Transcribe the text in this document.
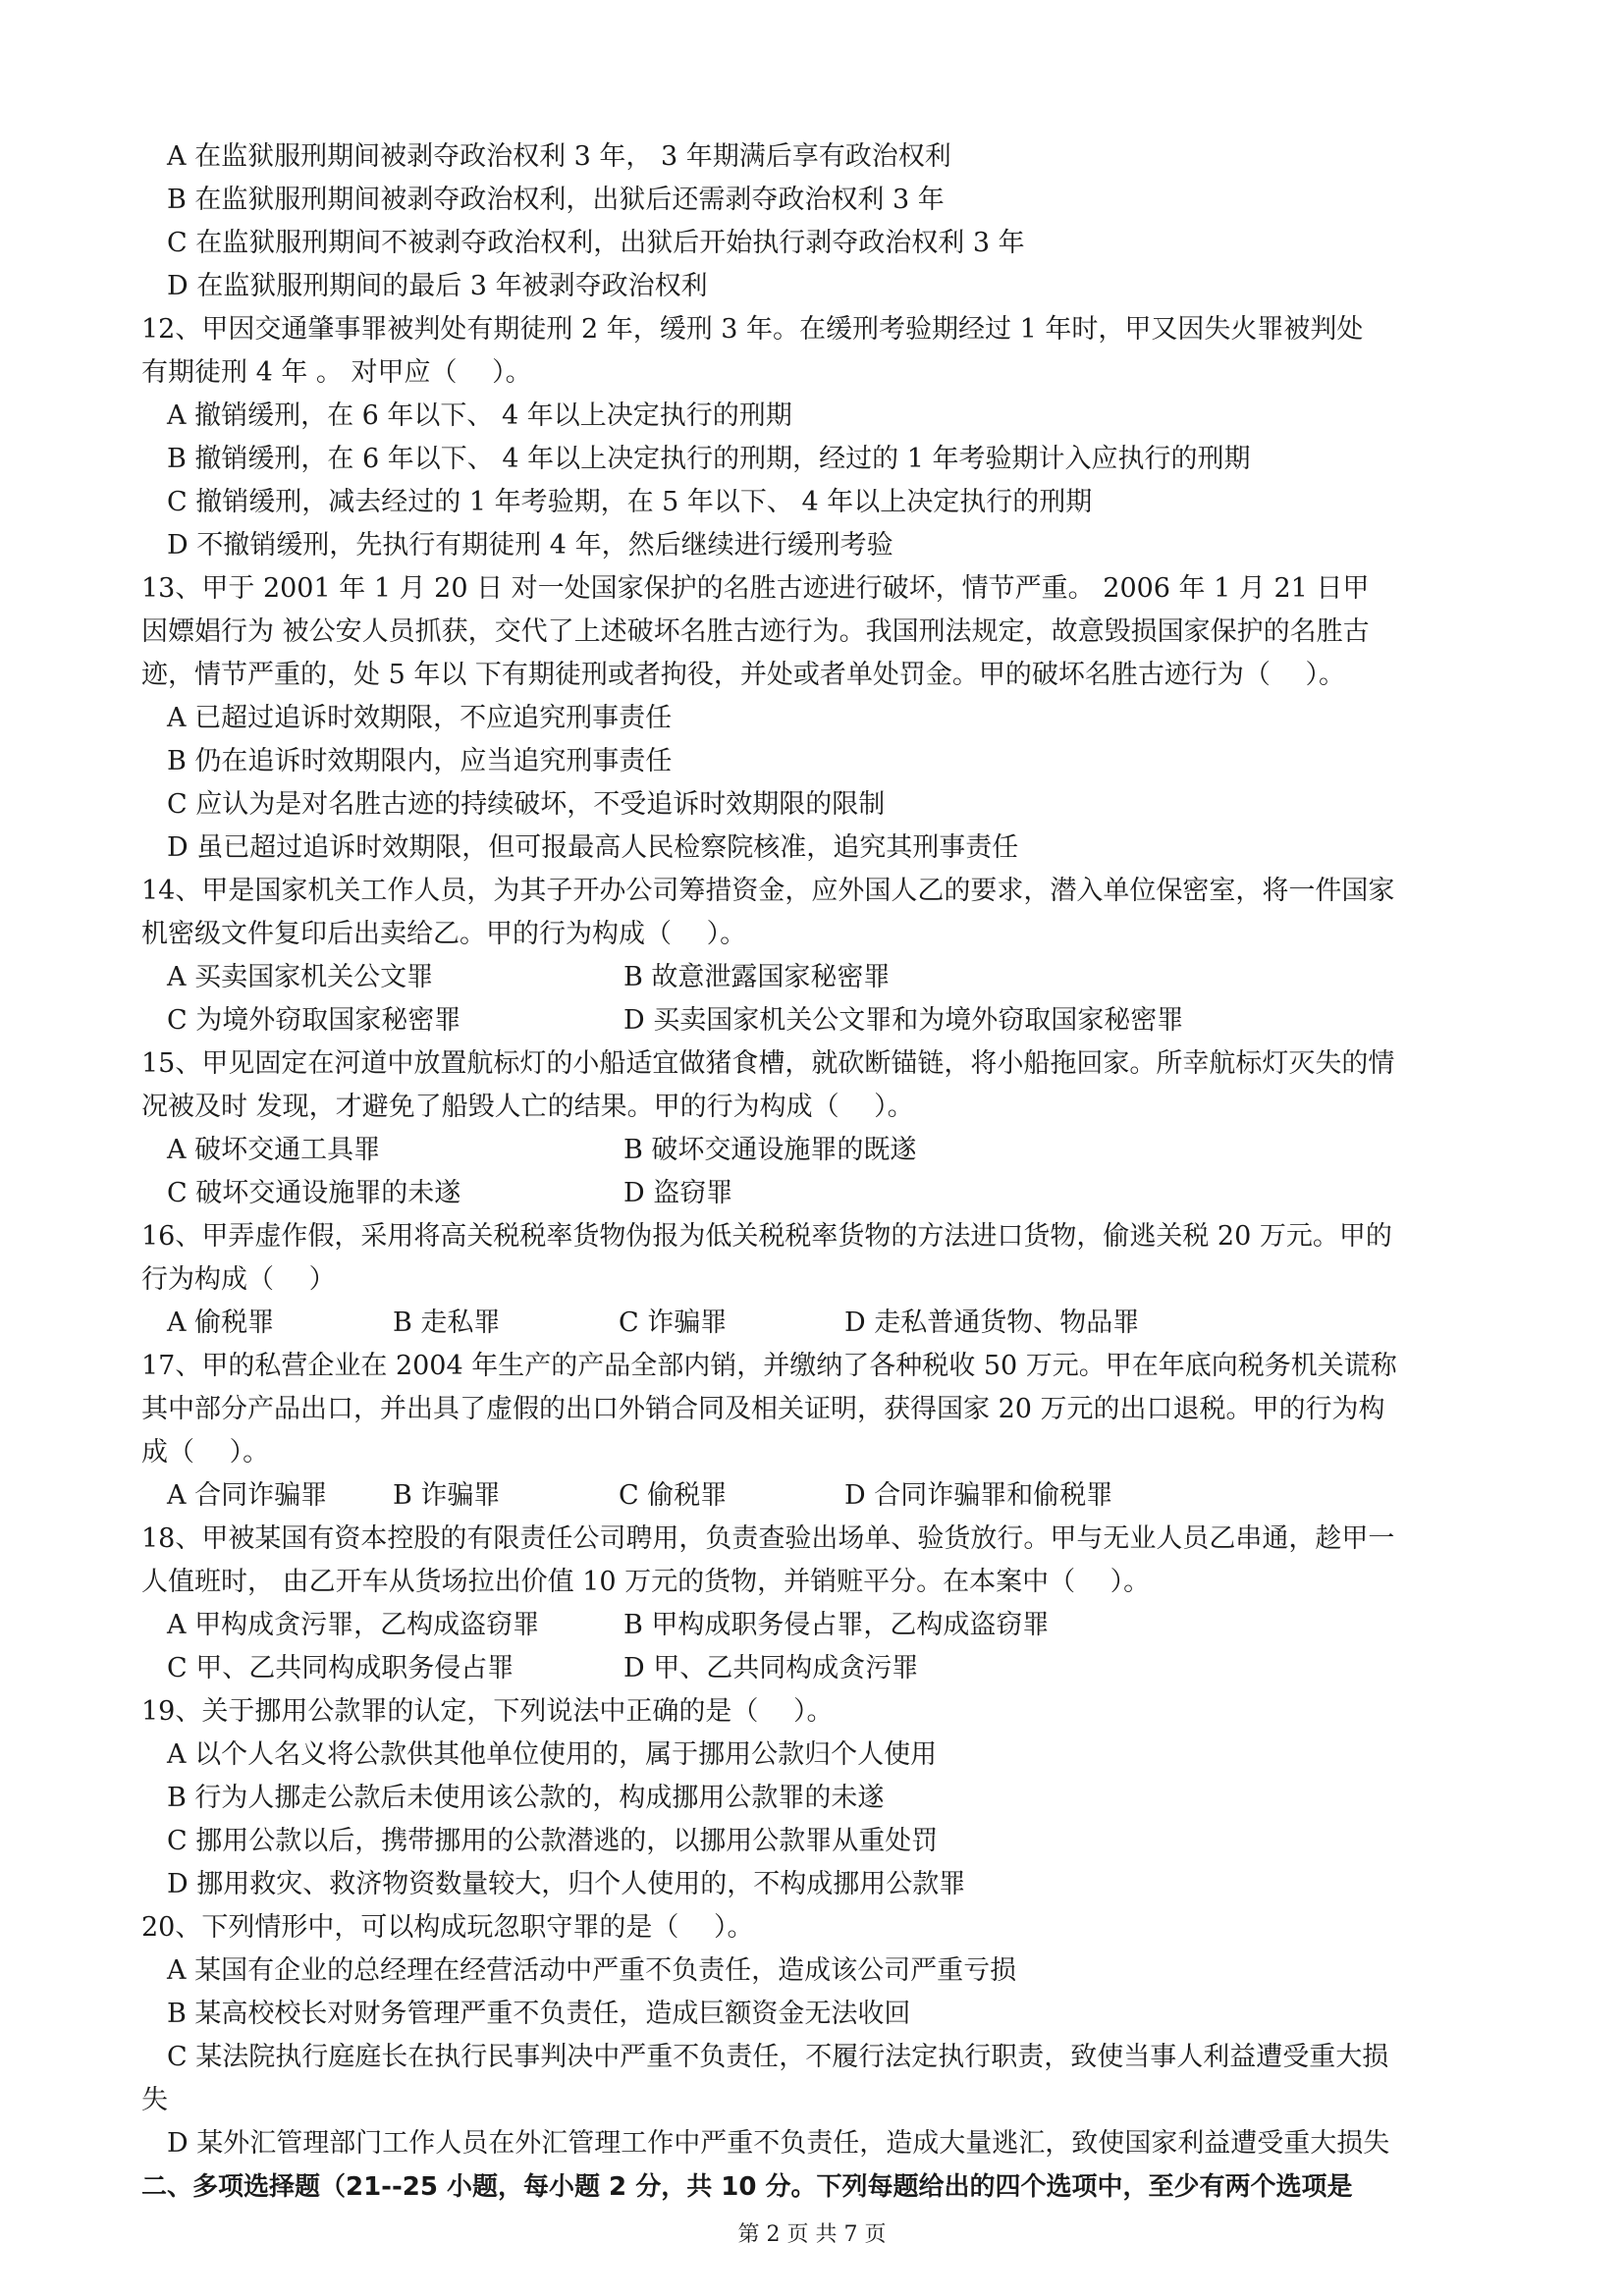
A 在监狱服刑期间被剥夺政治权利 3 年， 3 年期满后享有政治权利
B 在监狱服刑期间被剥夺政治权利，出狱后还需剥夺政治权利 3 年
C 在监狱服刑期间不被剥夺政治权利，出狱后开始执行剥夺政治权利 3 年
D 在监狱服刑期间的最后 3 年被剥夺政治权利
12、甲因交通肇事罪被判处有期徒刑 2 年，缓刑 3 年。在缓刑考验期经过 1 年时，甲又因失火罪被判处
有期徒刑 4 年 。 对甲应（　 ）。
A 撤销缓刑，在 6 年以下、 4 年以上决定执行的刑期
B 撤销缓刑，在 6 年以下、 4 年以上决定执行的刑期，经过的 1 年考验期计入应执行的刑期
C 撤销缓刑，减去经过的 1 年考验期，在 5 年以下、 4 年以上决定执行的刑期
D 不撤销缓刑，先执行有期徒刑 4 年，然后继续进行缓刑考验
13、甲于 2001 年 1 月 20 日 对一处国家保护的名胜古迹进行破坏，情节严重。 2006 年 1 月 21 日甲
因嫖娼行为 被公安人员抓获，交代了上述破坏名胜古迹行为。我国刑法规定，故意毁损国家保护的名胜古
迹，情节严重的，处 5 年以 下有期徒刑或者拘役，并处或者单处罚金。甲的破坏名胜古迹行为（　 ）。
A 已超过追诉时效期限，不应追究刑事责任
B 仍在追诉时效期限内，应当追究刑事责任
C 应认为是对名胜古迹的持续破坏，不受追诉时效期限的限制
D 虽已超过追诉时效期限，但可报最高人民检察院核准，追究其刑事责任
14、甲是国家机关工作人员，为其子开办公司筹措资金，应外国人乙的要求，潜入单位保密室，将一件国家
机密级文件复印后出卖给乙。甲的行为构成（　 ）。
A 买卖国家机关公文罪	B 故意泄露国家秘密罪
C 为境外窃取国家秘密罪	D 买卖国家机关公文罪和为境外窃取国家秘密罪
15、甲见固定在河道中放置航标灯的小船适宜做猪食槽，就砍断锚链，将小船拖回家。所幸航标灯灭失的情
况被及时 发现，才避免了船毁人亡的结果。甲的行为构成（　 ）。
A 破坏交通工具罪	B 破坏交通设施罪的既遂
C 破坏交通设施罪的未遂	D 盗窃罪
16、甲弄虚作假，采用将高关税税率货物伪报为低关税税率货物的方法进口货物，偷逃关税 20 万元。甲的
行为构成（　 ）
A 偷税罪	B 走私罪	C 诈骗罪	D 走私普通货物、物品罪
17、甲的私营企业在 2004 年生产的产品全部内销，并缴纳了各种税收 50 万元。甲在年底向税务机关谎称
其中部分产品出口，并出具了虚假的出口外销合同及相关证明，获得国家 20 万元的出口退税。甲的行为构
成（　 ）。
A 合同诈骗罪 B 诈骗罪	C 偷税罪	D 合同诈骗罪和偷税罪
18、甲被某国有资本控股的有限责任公司聘用，负责查验出场单、验货放行。甲与无业人员乙串通，趁甲一
人值班时， 由乙开车从货场拉出价值 10 万元的货物，并销赃平分。在本案中（　 ）。
A 甲构成贪污罪，乙构成盗窃罪	B 甲构成职务侵占罪，乙构成盗窃罪
C 甲、乙共同构成职务侵占罪	D 甲、乙共同构成贪污罪
19、关于挪用公款罪的认定，下列说法中正确的是（　 ）。
A 以个人名义将公款供其他单位使用的，属于挪用公款归个人使用
B 行为人挪走公款后未使用该公款的，构成挪用公款罪的未遂
C 挪用公款以后，携带挪用的公款潜逃的，以挪用公款罪从重处罚
D 挪用救灾、救济物资数量较大，归个人使用的，不构成挪用公款罪
20、下列情形中，可以构成玩忽职守罪的是（　 ）。
A 某国有企业的总经理在经营活动中严重不负责任，造成该公司严重亏损
B 某高校校长对财务管理严重不负责任，造成巨额资金无法收回
C 某法院执行庭庭长在执行民事判决中严重不负责任，不履行法定执行职责，致使当事人利益遭受重大损
失
D 某外汇管理部门工作人员在外汇管理工作中严重不负责任，造成大量逃汇，致使国家利益遭受重大损失
二、多项选择题（21--25 小题，每小题 2 分，共 10 分。下列每题给出的四个选项中，至少有两个选项是
第 2 页 共 7 页
